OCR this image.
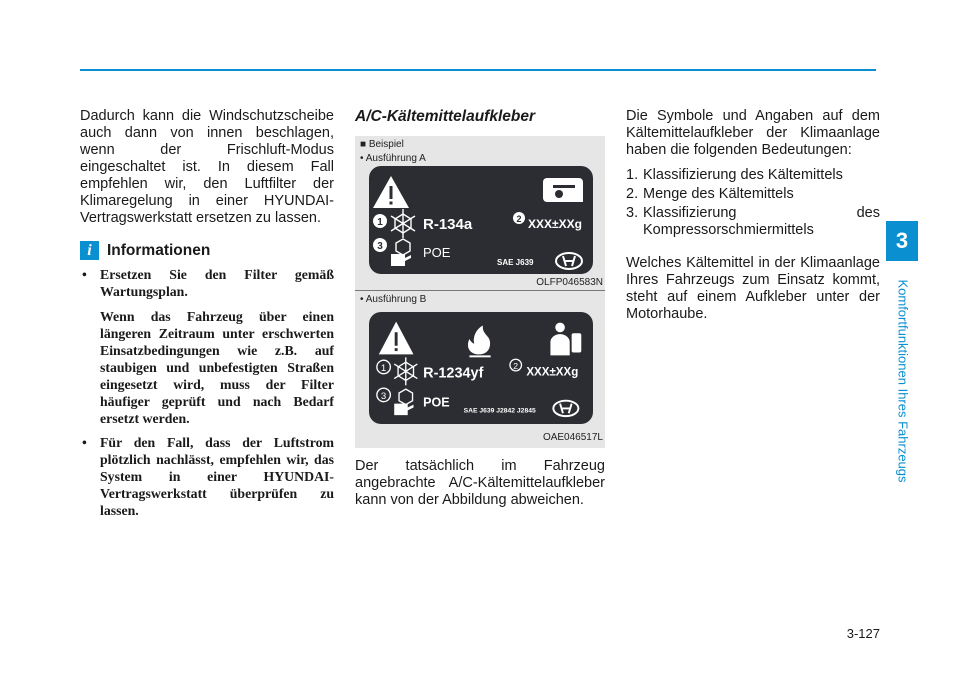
3
Komfortfunktionen Ihres Fahrzeugs
3-127

Dadurch kann die Windschutzscheibe auch dann von innen beschlagen, wenn der Frischluft-Modus eingeschaltet ist. In diesem Fall empfehlen wir, den Luftfilter der Klimaregelung in einer HYUNDAI-Vertragswerkstatt ersetzen zu lassen.

i Informationen
• Ersetzen Sie den Filter gemäß Wartungsplan.
Wenn das Fahrzeug über einen längeren Zeitraum unter erschwerten Einsatzbedingungen wie z.B. auf staubigen und unbefestigten Straßen eingesetzt wird, muss der Filter häufiger geprüft und nach Bedarf ersetzt werden.
• Für den Fall, dass der Luftstrom plötzlich nachlässt, empfehlen wir, das System in einer HYUNDAI-Vertragswerkstatt überprüfen zu lassen.
A/C-Kältemittelaufkleber
■ Beispiel
• Ausführung A
1	R-134a	2 XXX±XXg
3	POE
SAE J639
OLFP046583N
• Ausführung B
1 R-1234yf	2
XXX±XXg
3	POE
SAE J639 J2842 J2845
OAE046517L

Der tatsächlich im Fahrzeug angebrachte A/C-Kältemittelaufkleber kann von der Abbildung abweichen.

Die Symbole und Angaben auf dem Kältemittelaufkleber der Klimaanlage haben die folgenden Bedeutungen:

1. Klassifizierung des Kältemittels
2. Menge des Kältemittels
3. Klassifizierung des
Kompressorschmiermittels

Welches Kältemittel in der Klimaanlage Ihres Fahrzeugs zum Einsatz kommt, steht auf einem Aufkleber unter der Motorhaube.
